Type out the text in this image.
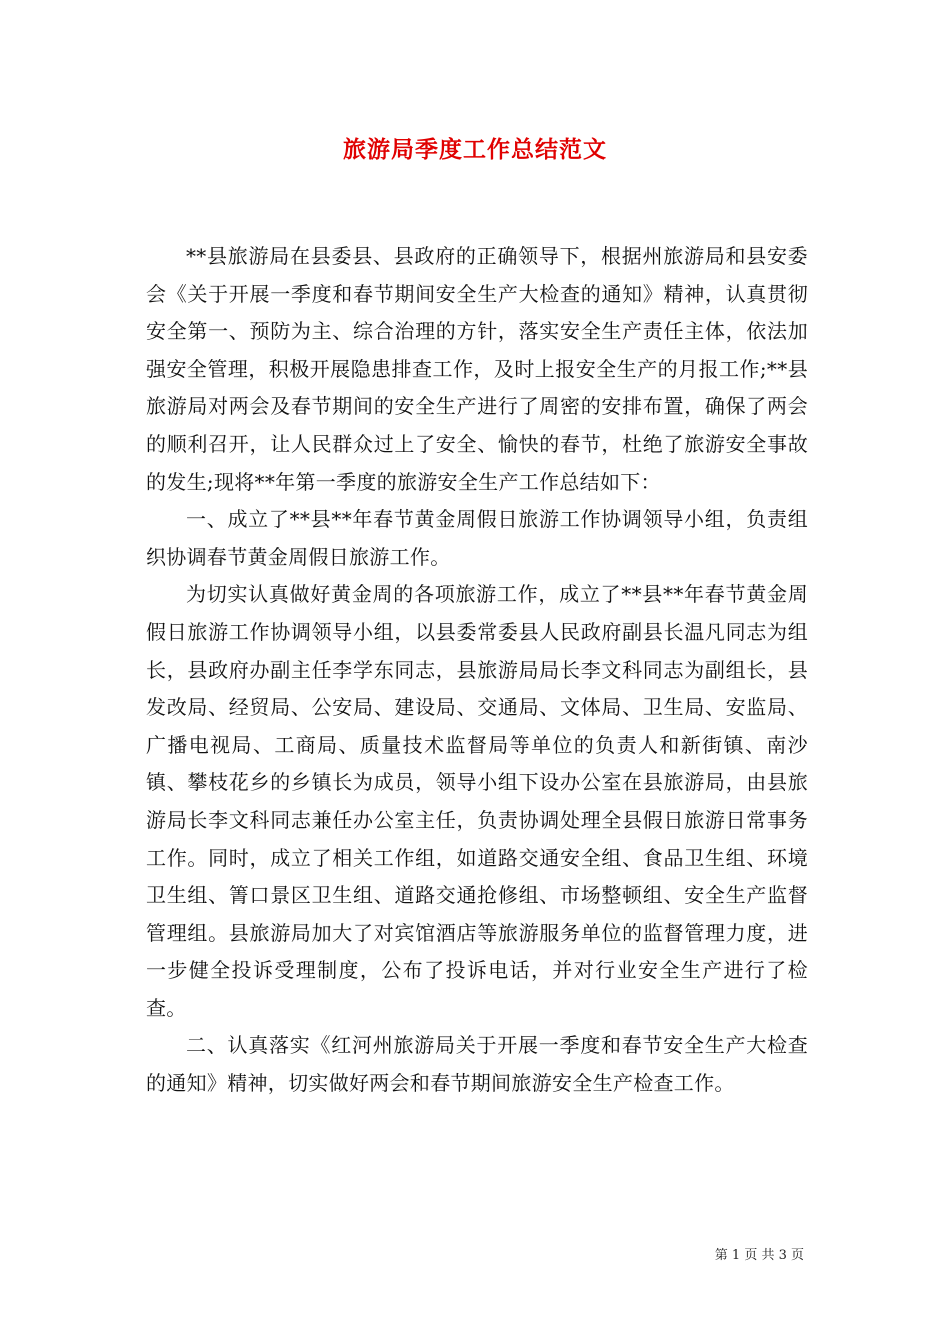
旅游局季度工作总结范文

**县旅游局在县委县、县政府的正确领导下，根据州旅游局和县安委会《关于开展一季度和春节期间安全生产大检查的通知》精神，认真贯彻安全第一、预防为主、综合治理的方针，落实安全生产责任主体，依法加强安全管理，积极开展隐患排查工作，及时上报安全生产的月报工作;**县旅游局对两会及春节期间的安全生产进行了周密的安排布置，确保了两会的顺利召开，让人民群众过上了安全、愉快的春节，杜绝了旅游安全事故的发生;现将**年第一季度的旅游安全生产工作总结如下：

一、成立了**县**年春节黄金周假日旅游工作协调领导小组，负责组织协调春节黄金周假日旅游工作。

为切实认真做好黄金周的各项旅游工作，成立了**县**年春节黄金周假日旅游工作协调领导小组，以县委常委县人民政府副县长温凡同志为组长，县政府办副主任李学东同志，县旅游局局长李文科同志为副组长，县发改局、经贸局、公安局、建设局、交通局、文体局、卫生局、安监局、广播电视局、工商局、质量技术监督局等单位的负责人和新街镇、南沙镇、攀枝花乡的乡镇长为成员，领导小组下设办公室在县旅游局，由县旅游局长李文科同志兼任办公室主任，负责协调处理全县假日旅游日常事务工作。同时，成立了相关工作组，如道路交通安全组、食品卫生组、环境卫生组、箐口景区卫生组、道路交通抢修组、市场整顿组、安全生产监督管理组。县旅游局加大了对宾馆酒店等旅游服务单位的监督管理力度，进一步健全投诉受理制度，公布了投诉电话，并对行业安全生产进行了检查。

二、认真落实《红河州旅游局关于开展一季度和春节安全生产大检查的通知》精神，切实做好两会和春节期间旅游安全生产检查工作。

第 1 页 共 3 页
